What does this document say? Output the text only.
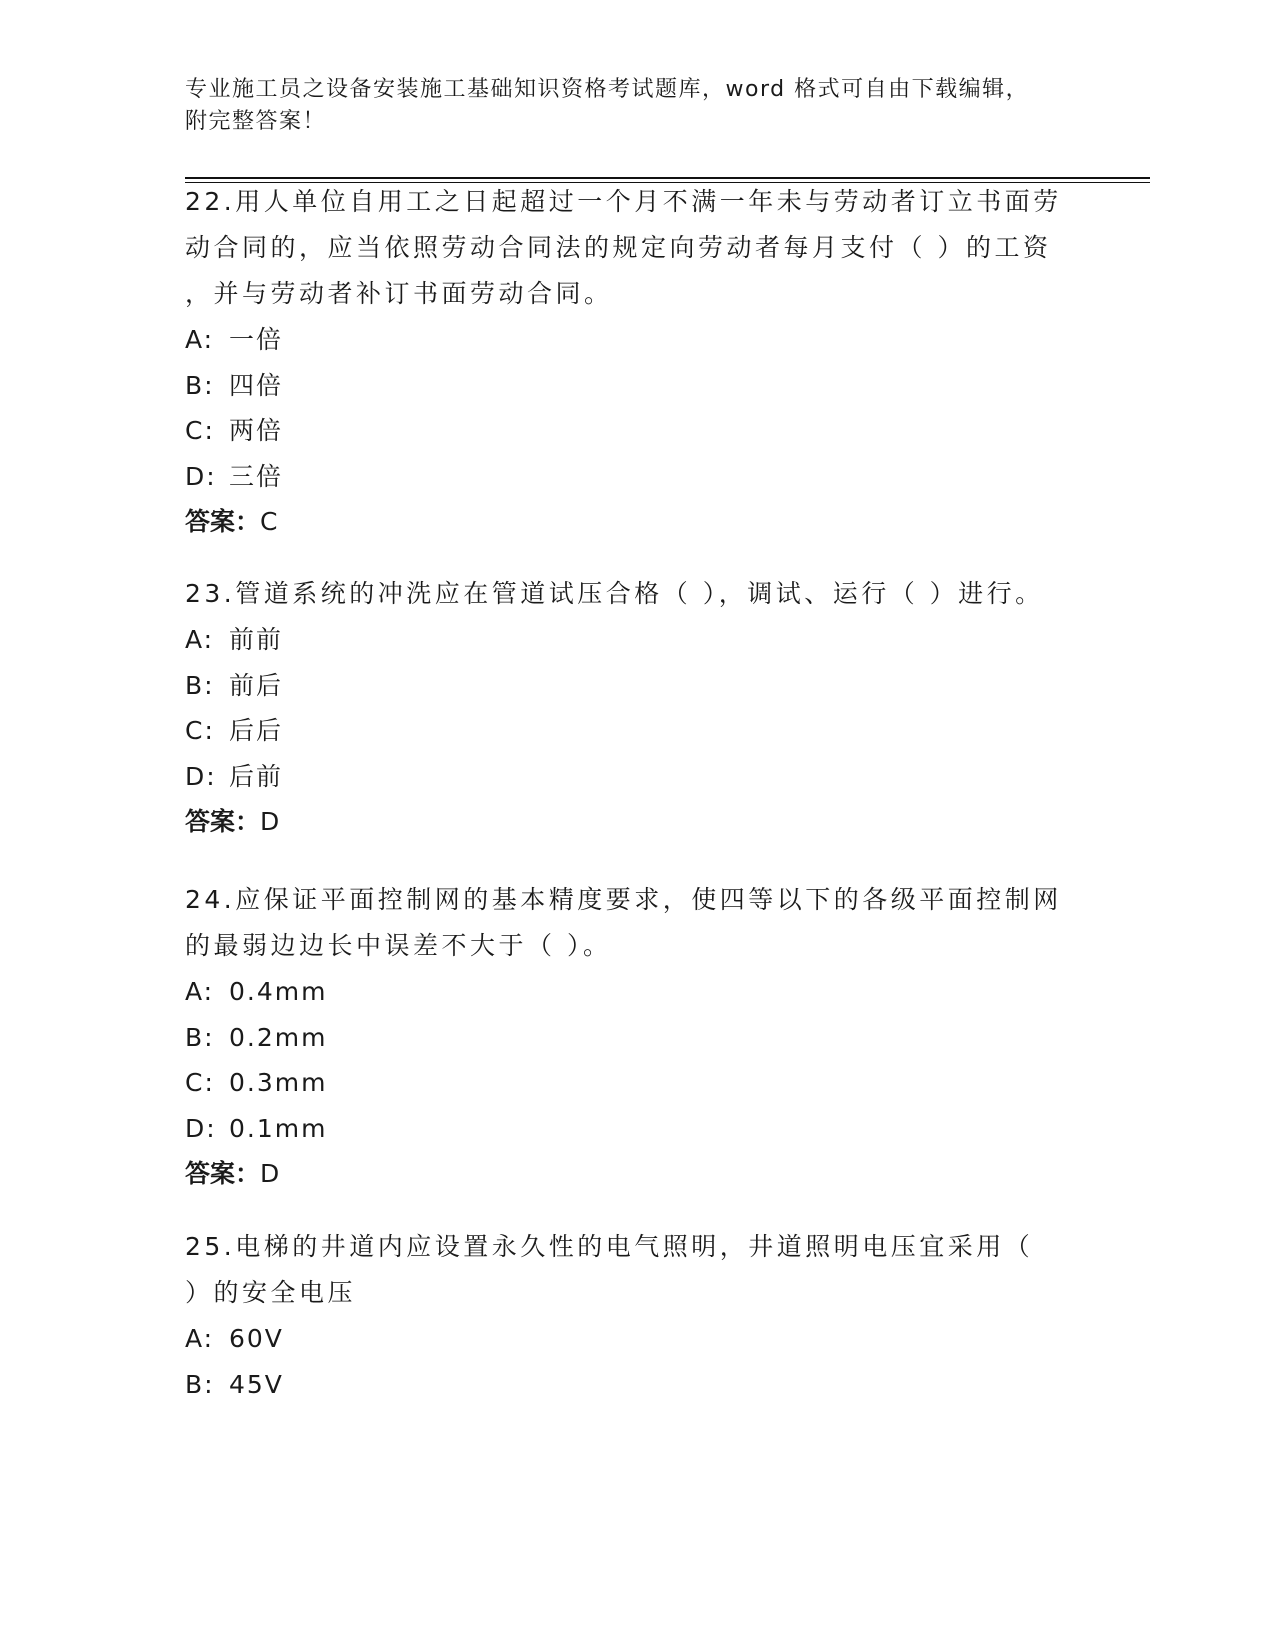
专业施工员之设备安装施工基础知识资格考试题库，word 格式可自由下载编辑，
附完整答案！

22.用人单位自用工之日起超过一个月不满一年未与劳动者订立书面劳

动合同的，应当依照劳动合同法的规定向劳动者每月支付（ ）的工资

，并与劳动者补订书面劳动合同。

A: 一倍

B: 四倍

C: 两倍

D: 三倍

答案：C

23.管道系统的冲洗应在管道试压合格（ ），调试、运行（ ）进行。

A: 前前

B: 前后

C: 后后

D: 后前

答案：D

24.应保证平面控制网的基本精度要求，使四等以下的各级平面控制网

的最弱边边长中误差不大于（ ）。

A: 0.4mm

B: 0.2mm

C: 0.3mm

D: 0.1mm

答案：D

25.电梯的井道内应设置永久性的电气照明，井道照明电压宜采用（

）的安全电压

A: 60V

B: 45V
